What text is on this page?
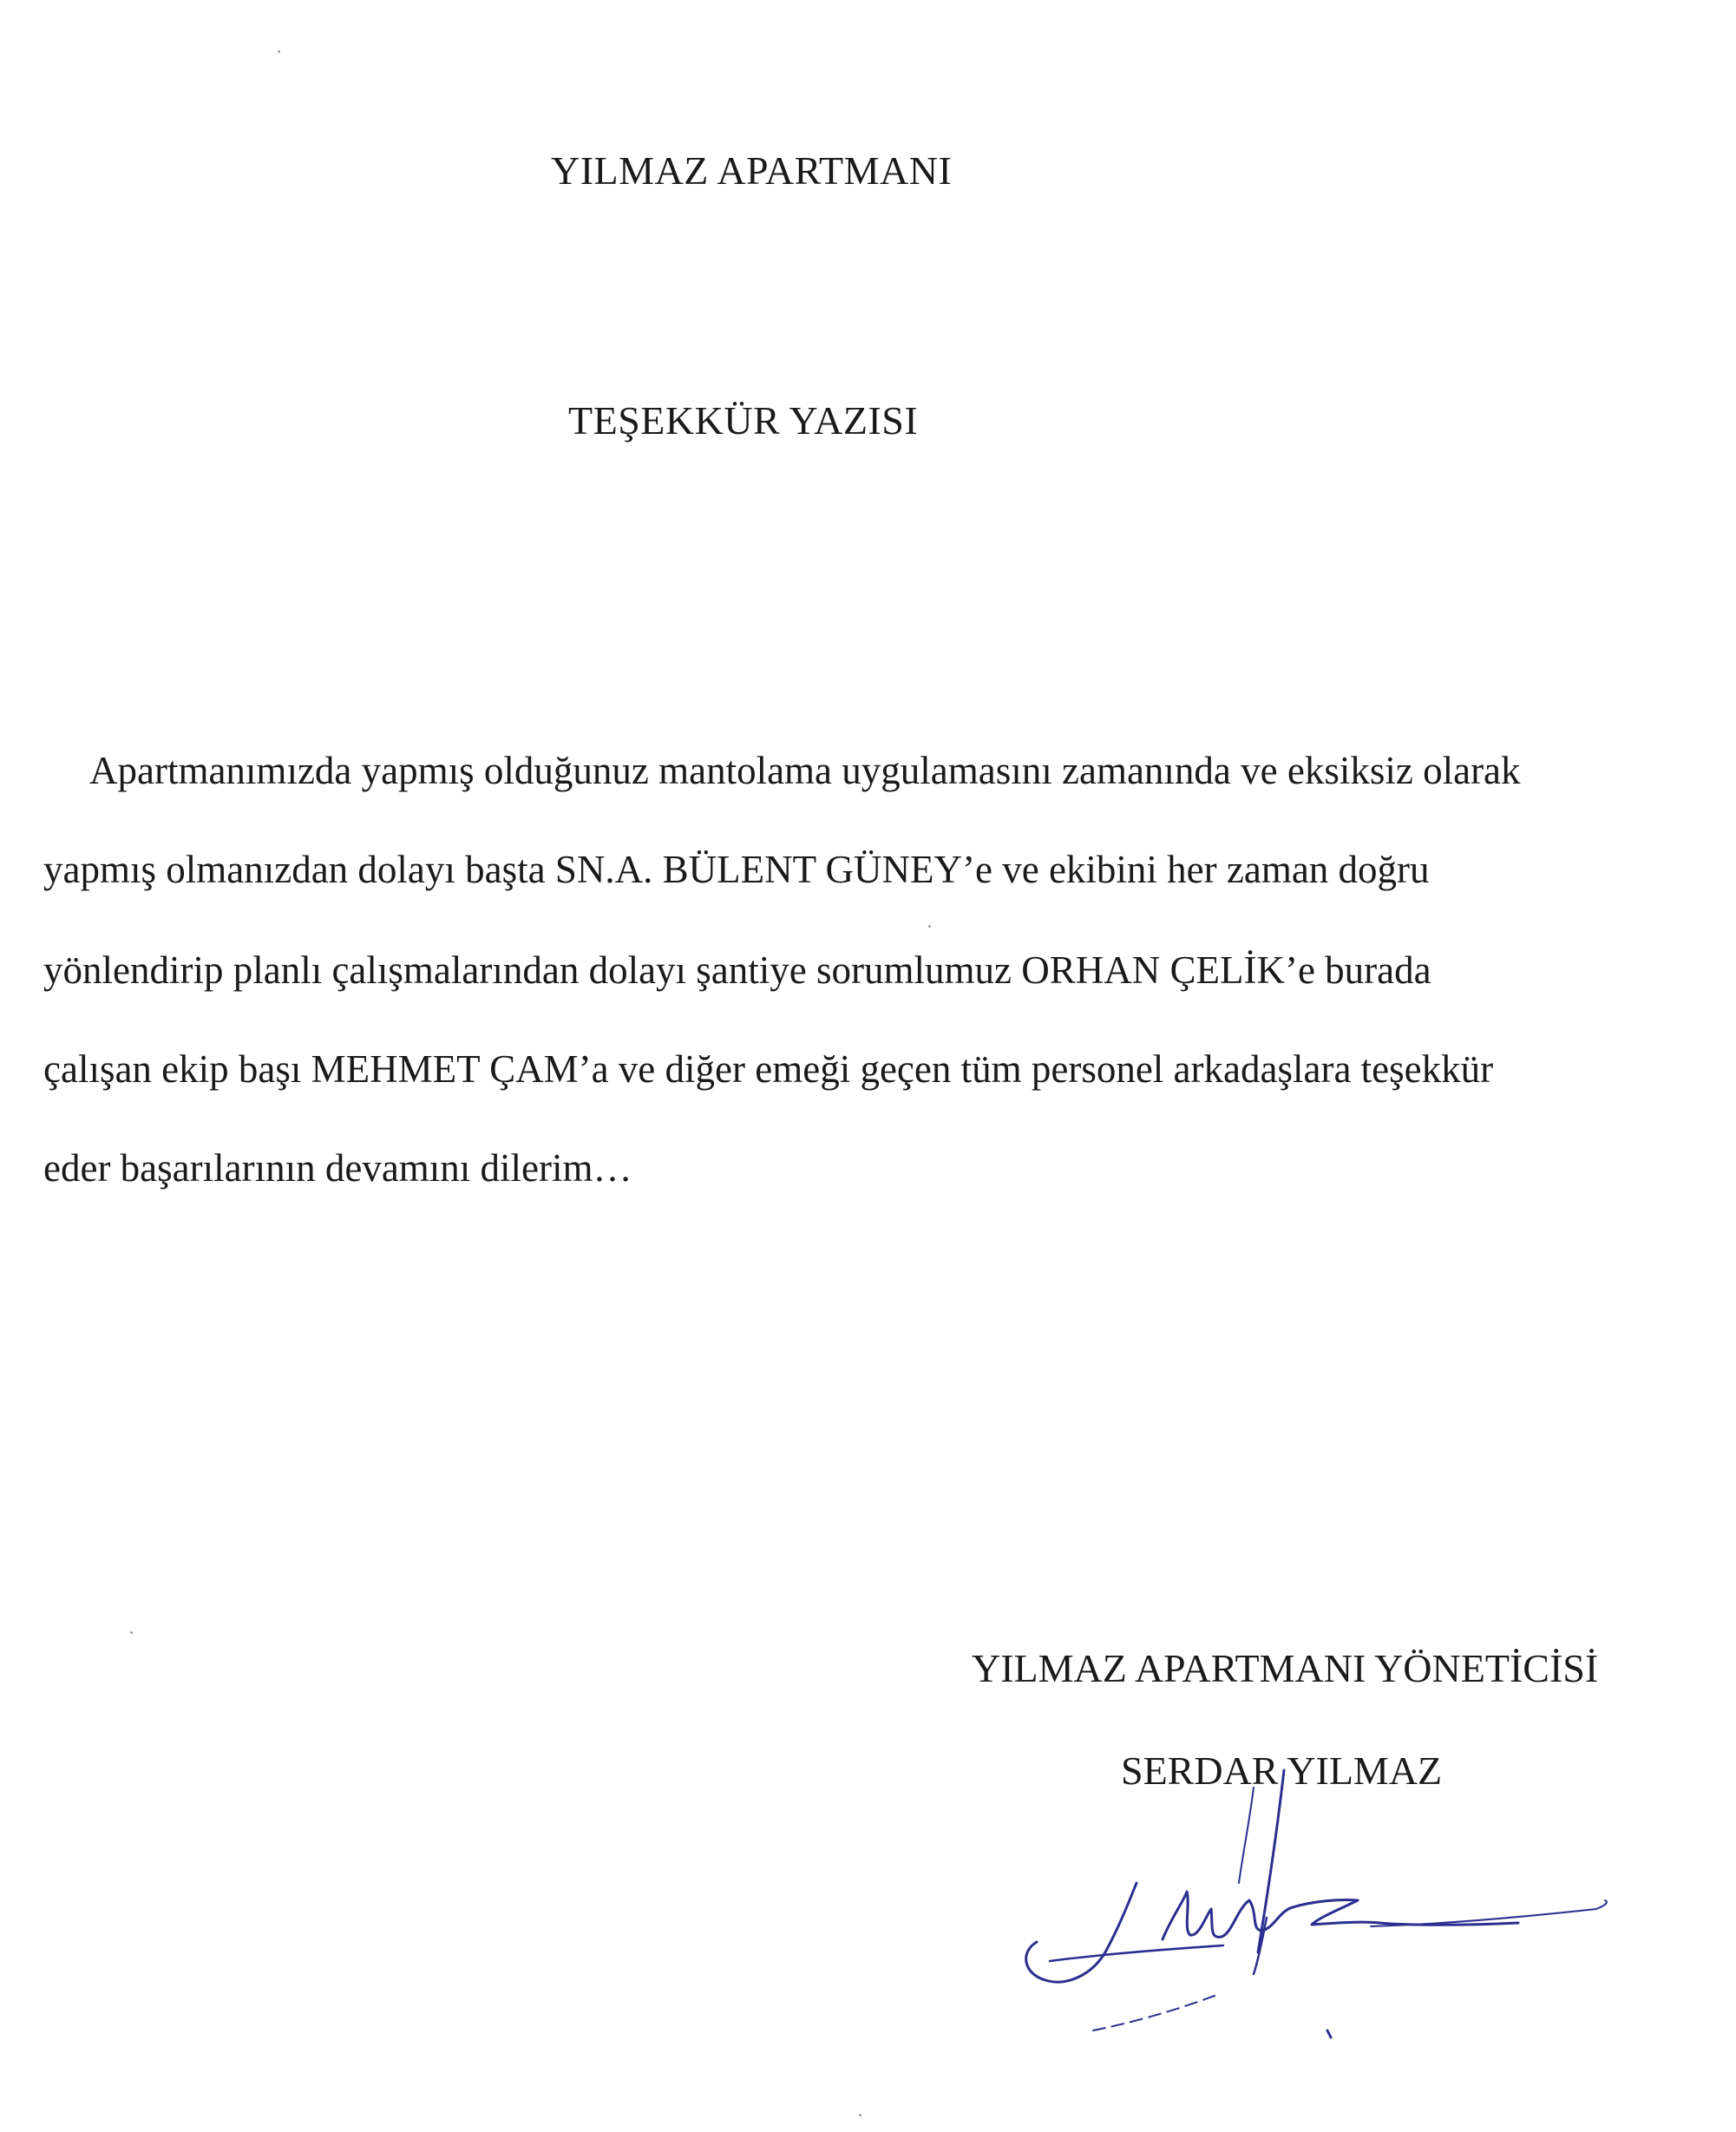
YILMAZ APARTMANI
TEŞEKKÜR YAZISI
Apartmanımızda yapmış olduğunuz mantolama uygulamasını zamanında ve eksiksiz olarak
yapmış olmanızdan dolayı başta SN.A. BÜLENT GÜNEY’e ve ekibini her zaman doğru
yönlendirip planlı çalışmalarından dolayı şantiye sorumlumuz ORHAN ÇELİK’e burada
çalışan ekip başı MEHMET ÇAM’a ve diğer emeği geçen tüm personel arkadaşlara teşekkür
eder başarılarının devamını dilerim…
YILMAZ APARTMANI YÖNETİCİSİ
SERDAR YILMAZ
